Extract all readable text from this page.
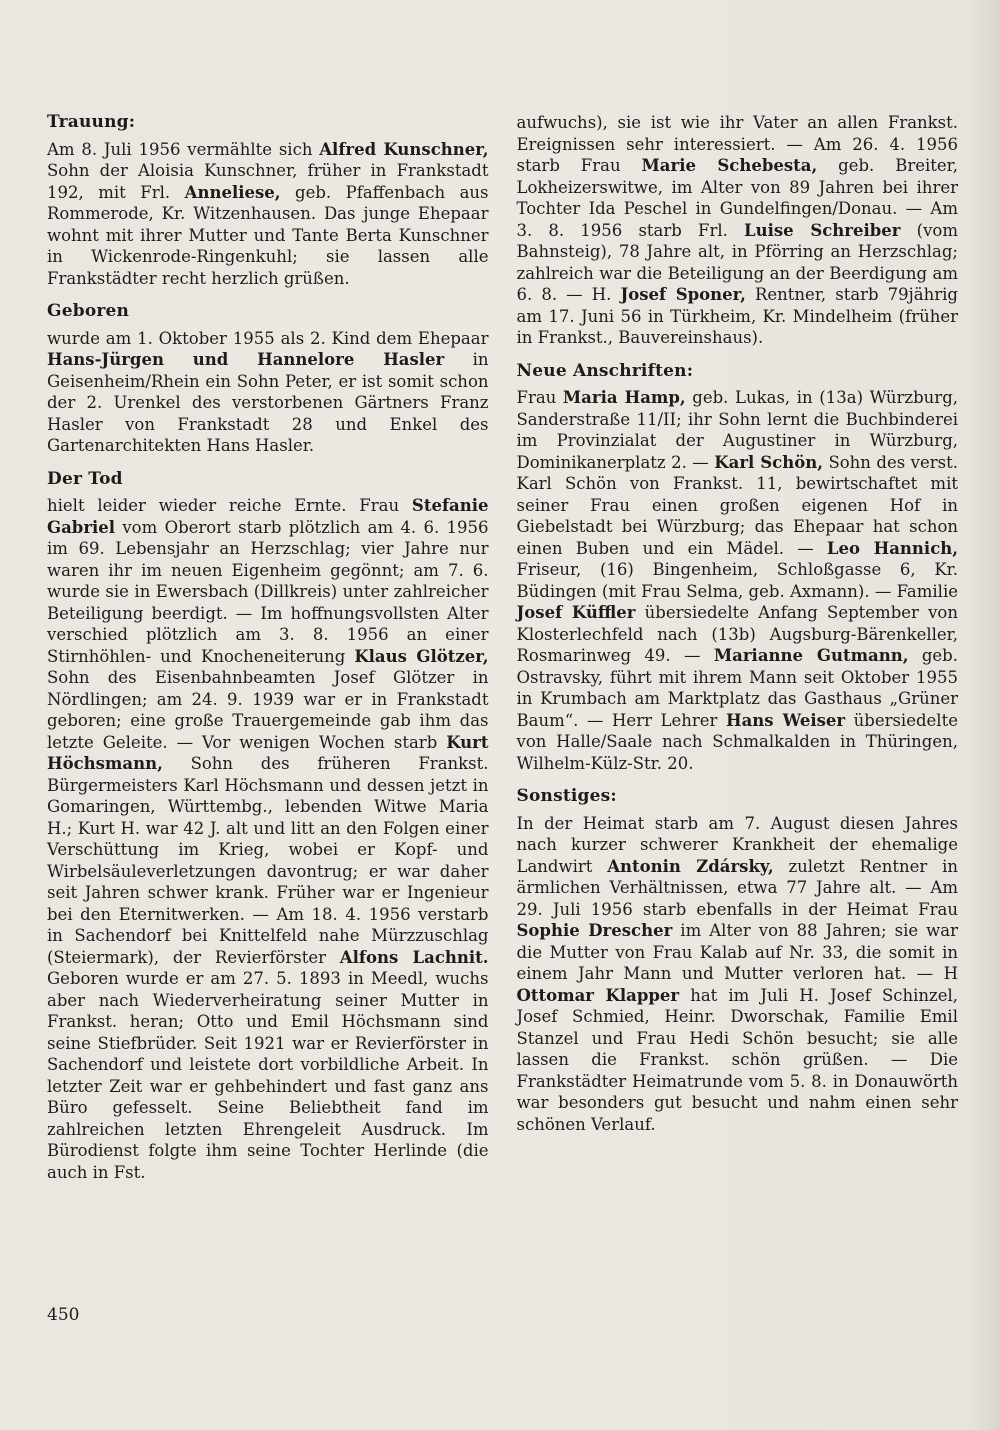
Trauung:

Am 8. Juli 1956 vermählte sich Alfred Kunschner, Sohn der Aloisia Kunschner, früher in Frankstadt 192, mit Frl. Anneliese, geb. Pfaffenbach aus Rommerode, Kr. Witzenhausen. Das junge Ehepaar wohnt mit ihrer Mutter und Tante Berta Kunschner in Wickenrode-Ringenkuhl; sie lassen alle Frankstädter recht herzlich grüßen.

Geboren

wurde am 1. Oktober 1955 als 2. Kind dem Ehepaar Hans-Jürgen und Hannelore Hasler in Geisenheim/Rhein ein Sohn Peter, er ist somit schon der 2. Urenkel des verstorbenen Gärtners Franz Hasler von Frankstadt 28 und Enkel des Gartenarchitekten Hans Hasler.

Der Tod

hielt leider wieder reiche Ernte. Frau Stefanie Gabriel vom Oberort starb plötzlich am 4. 6. 1956 im 69. Lebensjahr an Herzschlag; vier Jahre nur waren ihr im neuen Eigenheim gegönnt; am 7. 6. wurde sie in Ewersbach (Dillkreis) unter zahlreicher Beteiligung beerdigt. — Im hoffnungsvollsten Alter verschied plötzlich am 3. 8. 1956 an einer Stirnhöhlen- und Knocheneiterung Klaus Glötzer, Sohn des Eisenbahnbeamten Josef Glötzer in Nördlingen; am 24. 9. 1939 war er in Frankstadt geboren; eine große Trauergemeinde gab ihm das letzte Geleite. — Vor wenigen Wochen starb Kurt Höchsmann, Sohn des früheren Frankst. Bürgermeisters Karl Höchsmann und dessen jetzt in Gomaringen, Württembg., lebenden Witwe Maria H.; Kurt H. war 42 J. alt und litt an den Folgen einer Verschüttung im Krieg, wobei er Kopf- und Wirbelsäuleverletzungen davontrug; er war daher seit Jahren schwer krank. Früher war er Ingenieur bei den Eternitwerken. — Am 18. 4. 1956 verstarb in Sachendorf bei Knittelfeld nahe Mürzzuschlag (Steiermark), der Revierförster Alfons Lachnit. Geboren wurde er am 27. 5. 1893 in Meedl, wuchs aber nach Wiederverheiratung seiner Mutter in Frankst. heran; Otto und Emil Höchsmann sind seine Stiefbrüder. Seit 1921 war er Revierförster in Sachendorf und leistete dort vorbildliche Arbeit. In letzter Zeit war er gehbehindert und fast ganz ans Büro gefesselt. Seine Beliebtheit fand im zahlreichen letzten Ehrengeleit Ausdruck. Im Bürodienst folgte ihm seine Tochter Herlinde (die auch in Fst.

aufwuchs), sie ist wie ihr Vater an allen Frankst. Ereignissen sehr interessiert. — Am 26. 4. 1956 starb Frau Marie Schebesta, geb. Breiter, Lokheizerswitwe, im Alter von 89 Jahren bei ihrer Tochter Ida Peschel in Gundelfingen/Donau. — Am 3. 8. 1956 starb Frl. Luise Schreiber (vom Bahnsteig), 78 Jahre alt, in Pförring an Herzschlag; zahlreich war die Beteiligung an der Beerdigung am 6. 8. — H. Josef Sponer, Rentner, starb 79jährig am 17. Juni 56 in Türkheim, Kr. Mindelheim (früher in Frankst., Bauvereinshaus).

Neue Anschriften:

Frau Maria Hamp, geb. Lukas, in (13a) Würzburg, Sanderstraße 11/II; ihr Sohn lernt die Buchbinderei im Provinzialat der Augustiner in Würzburg, Dominikanerplatz 2. — Karl Schön, Sohn des verst. Karl Schön von Frankst. 11, bewirtschaftet mit seiner Frau einen großen eigenen Hof in Giebelstadt bei Würzburg; das Ehepaar hat schon einen Buben und ein Mädel. — Leo Hannich, Friseur, (16) Bingenheim, Schloßgasse 6, Kr. Büdingen (mit Frau Selma, geb. Axmann). — Familie Josef Küffler übersiedelte Anfang September von Klosterlechfeld nach (13b) Augsburg-Bärenkeller, Rosmarinweg 49. — Marianne Gutmann, geb. Ostravsky, führt mit ihrem Mann seit Oktober 1955 in Krumbach am Marktplatz das Gasthaus „Grüner Baum“. — Herr Lehrer Hans Weiser übersiedelte von Halle/Saale nach Schmalkalden in Thüringen, Wilhelm-Külz-Str. 20.

Sonstiges:

In der Heimat starb am 7. August diesen Jahres nach kurzer schwerer Krankheit der ehemalige Landwirt Antonin Zdársky, zuletzt Rentner in ärmlichen Verhältnissen, etwa 77 Jahre alt. — Am 29. Juli 1956 starb ebenfalls in der Heimat Frau Sophie Drescher im Alter von 88 Jahren; sie war die Mutter von Frau Kalab auf Nr. 33, die somit in einem Jahr Mann und Mutter verloren hat. — H Ottomar Klapper hat im Juli H. Josef Schinzel, Josef Schmied, Heinr. Dworschak, Familie Emil Stanzel und Frau Hedi Schön besucht; sie alle lassen die Frankst. schön grüßen. — Die Frankstädter Heimatrunde vom 5. 8. in Donauwörth war besonders gut besucht und nahm einen sehr schönen Verlauf.

450
